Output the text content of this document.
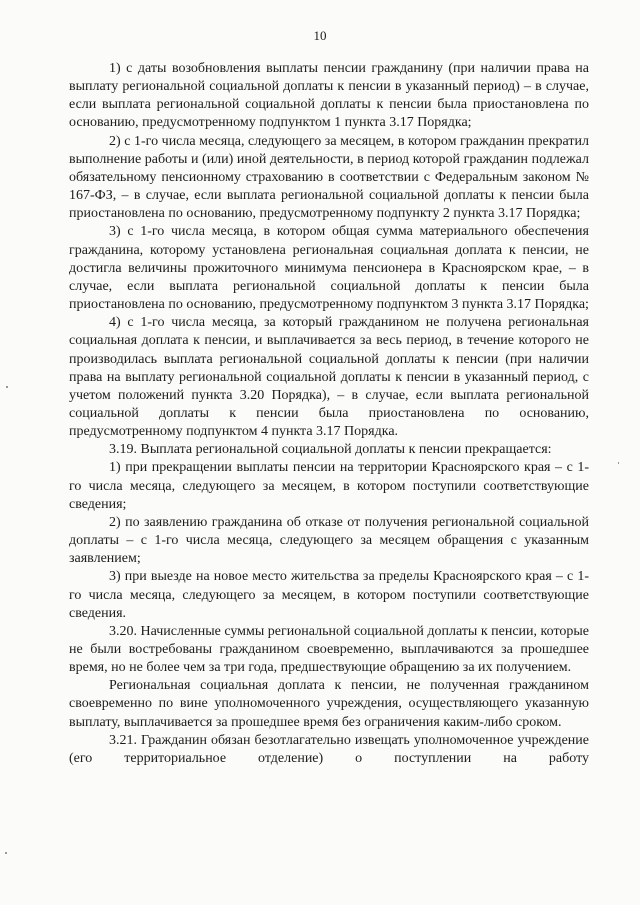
10

1) с даты возобновления выплаты пенсии гражданину (при наличии права на выплату региональной социальной доплаты к пенсии в указанный период) – в случае, если выплата региональной социальной доплаты к пенсии была приостановлена по основанию, предусмотренному подпунктом 1 пункта 3.17 Порядка;

2) с 1-го числа месяца, следующего за месяцем, в котором гражданин прекратил выполнение работы и (или) иной деятельности, в период которой гражданин подлежал обязательному пенсионному страхованию в соответствии с Федеральным законом № 167-ФЗ, – в случае, если выплата региональной социальной доплаты к пенсии была приостановлена по основанию, предусмотренному подпункту 2 пункта 3.17 Порядка;

3) с 1-го числа месяца, в котором общая сумма материального обеспечения гражданина, которому установлена региональная социальная доплата к пенсии, не достигла величины прожиточного минимума пенсионера в Красноярском крае, – в случае, если выплата региональной социальной доплаты к пенсии была приостановлена по основанию, предусмотренному подпунктом 3 пункта 3.17 Порядка;

4) с 1-го числа месяца, за который гражданином не получена региональная социальная доплата к пенсии, и выплачивается за весь период, в течение которого не производилась выплата региональной социальной доплаты к пенсии (при наличии права на выплату региональной социальной доплаты к пенсии в указанный период, с учетом положений пункта 3.20 Порядка), – в случае, если выплата региональной социальной доплаты к пенсии была приостановлена по основанию, предусмотренному подпунктом 4 пункта 3.17 Порядка.

3.19. Выплата региональной социальной доплаты к пенсии прекращается:

1) при прекращении выплаты пенсии на территории Красноярского края – с 1-го числа месяца, следующего за месяцем, в котором поступили соответствующие сведения;

2) по заявлению гражданина об отказе от получения региональной социальной доплаты – с 1-го числа месяца, следующего за месяцем обращения с указанным заявлением;

3) при выезде на новое место жительства за пределы Красноярского края – с 1-го числа месяца, следующего за месяцем, в котором поступили соответствующие сведения.

3.20. Начисленные суммы региональной социальной доплаты к пенсии, которые не были востребованы гражданином своевременно, выплачиваются за прошедшее время, но не более чем за три года, предшествующие обращению за их получением.

Региональная социальная доплата к пенсии, не полученная гражданином своевременно по вине уполномоченного учреждения, осуществляющего указанную выплату, выплачивается за прошедшее время без ограничения каким-либо сроком.

3.21. Гражданин обязан безотлагательно извещать уполномоченное учреждение (его территориальное отделение) о поступлении на работу
